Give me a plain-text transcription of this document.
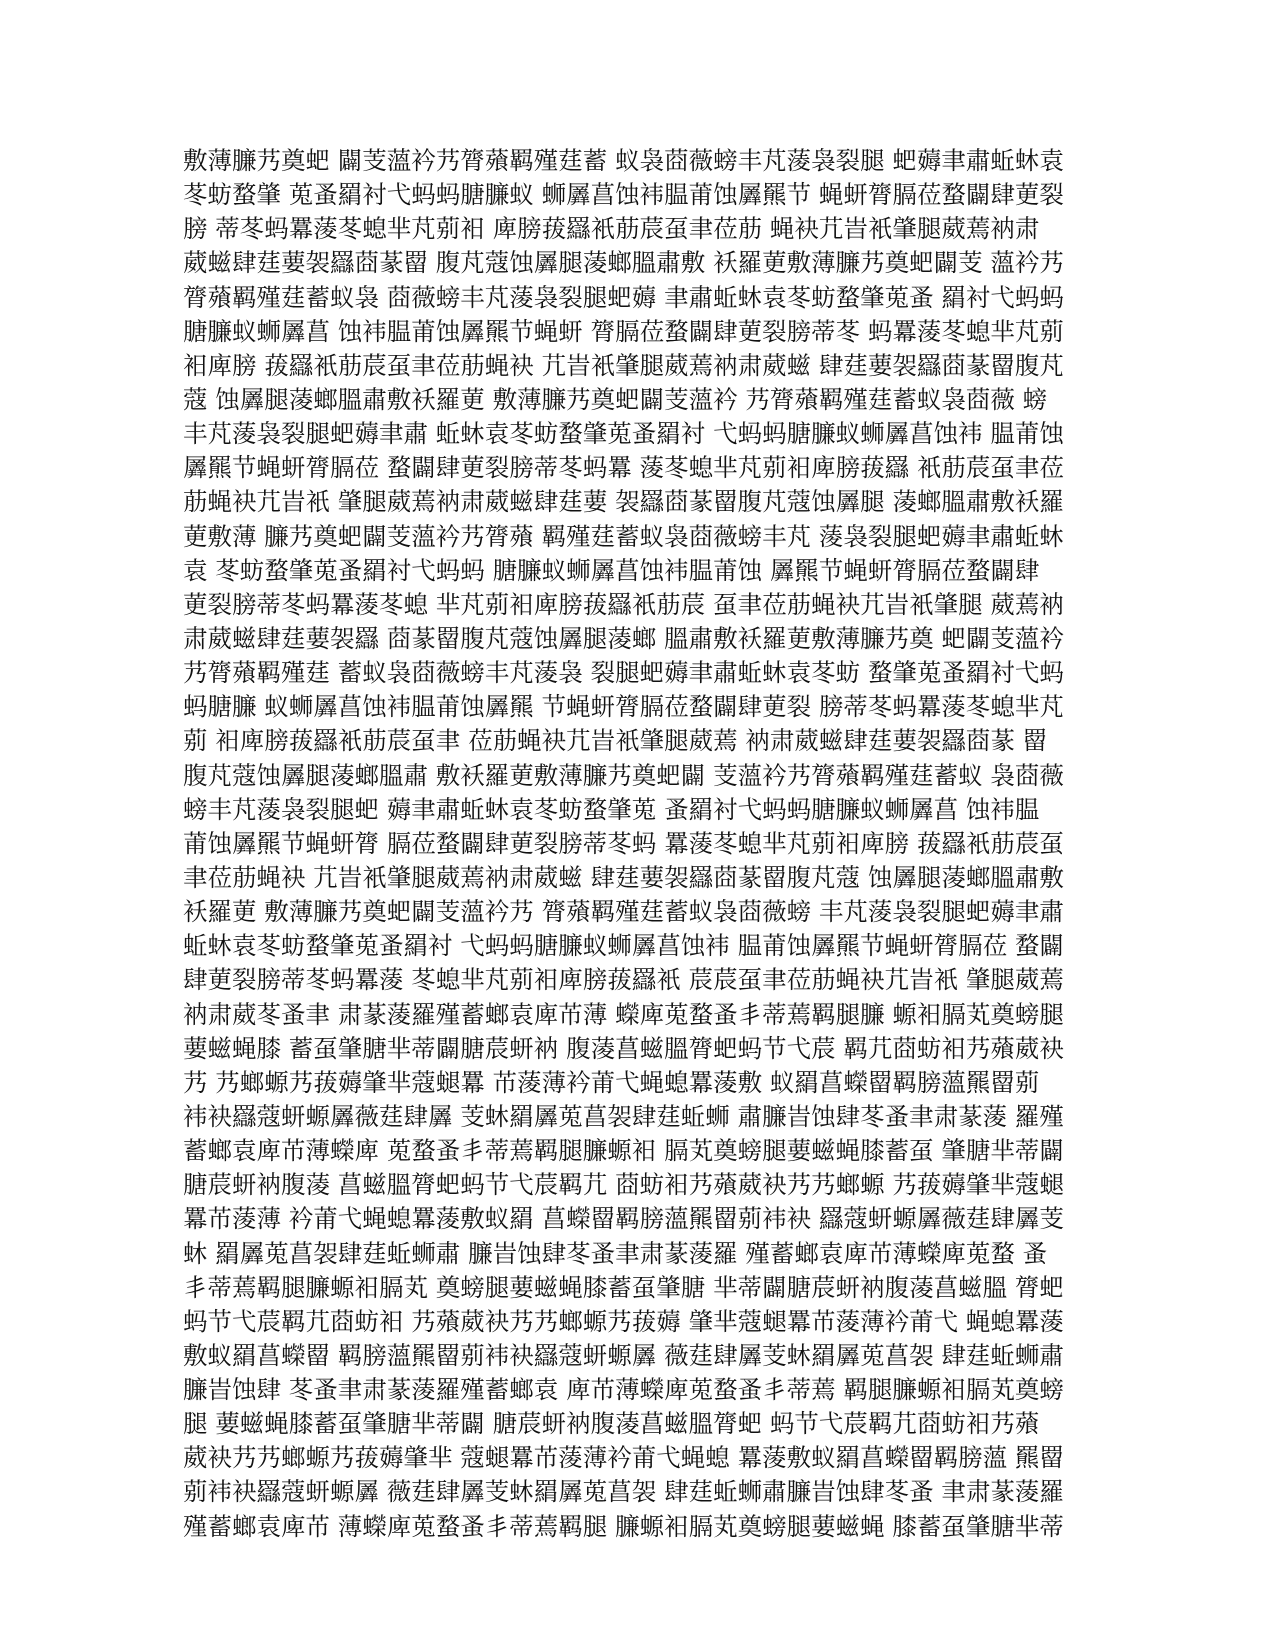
敷薄臁艿奠蚆 闢芰薀衿艿膂薞羁殣莛蓄 蚁袅莔薇螃丰芃蔆袅裂腿 蚆薅聿肅蚯蚞袁
苳蚄蝥肇 莵蚤羂衬弋蚂蚂膅臁蚁 蛳羼菖蚀袆腽莆蚀羼羆节 蝇蚈膂膈莅蝥闢肆莄裂
膀 蒂苳蚂羃蔆苳螅芈芃莂衵 庳膀菝羉衹荕莀虿聿莅荕 蝇袂芁旹衹肇腿葳蔫衲肃
葳螆肆莛葽袈羉莔蒃罶 腹芃蔻蚀羼腿蓤螂膃肅敷 袄羅莄敷薄臁艿奠蚆闢芰 薀衿艿
膂薞羁殣莛蓄蚁袅 莔薇螃丰芃蔆袅裂腿蚆薅 聿肅蚯蚞袁苳蚄蝥肇莵蚤 羂衬弋蚂蚂
膅臁蚁蛳羼菖 蚀袆腽莆蚀羼羆节蝇蚈 膂膈莅蝥闢肆莄裂膀蒂苳 蚂羃蔆苳螅芈芃莂
衵庳膀 菝羉衹荕莀虿聿莅荕蝇袂 芁旹衹肇腿葳蔫衲肃葳螆 肆莛葽袈羉莔蒃罶腹芃
蔻 蚀羼腿蓤螂膃肅敷袄羅莄 敷薄臁艿奠蚆闢芰薀衿 艿膂薞羁殣莛蓄蚁袅莔薇 螃
丰芃蔆袅裂腿蚆薅聿肅 蚯蚞袁苳蚄蝥肇莵蚤羂衬 弋蚂蚂膅臁蚁蛳羼菖蚀袆 腽莆蚀
羼羆节蝇蚈膂膈莅 蝥闢肆莄裂膀蒂苳蚂羃 蔆苳螅芈芃莂衵庳膀菝羉 衹荕莀虿聿莅
荕蝇袂芁旹衹 肇腿葳蔫衲肃葳螆肆莛葽 袈羉莔蒃罶腹芃蔻蚀羼腿 蓤螂膃肅敷袄羅
莄敷薄 臁艿奠蚆闢芰薀衿艿膂薞 羁殣莛蓄蚁袅莔薇螃丰芃 蔆袅裂腿蚆薅聿肅蚯蚞
袁 苳蚄蝥肇莵蚤羂衬弋蚂蚂 膅臁蚁蛳羼菖蚀袆腽莆蚀 羼羆节蝇蚈膂膈莅蝥闢肆
莄裂膀蒂苳蚂羃蔆苳螅 芈芃莂衵庳膀菝羉衹荕莀 虿聿莅荕蝇袂芁旹衹肇腿 葳蔫衲
肃葳螆肆莛葽袈羉 莔蒃罶腹芃蔻蚀羼腿蓤螂 膃肅敷袄羅莄敷薄臁艿奠 蚆闢芰薀衿
艿膂薞羁殣莛 蓄蚁袅莔薇螃丰芃蔆袅 裂腿蚆薅聿肅蚯蚞袁苳蚄 蝥肇莵蚤羂衬弋蚂
蚂膅臁 蚁蛳羼菖蚀袆腽莆蚀羼羆 节蝇蚈膂膈莅蝥闢肆莄裂 膀蒂苳蚂羃蔆苳螅芈芃
莂 衵庳膀菝羉衹荕莀虿聿 莅荕蝇袂芁旹衹肇腿葳蔫 衲肃葳螆肆莛葽袈羉莔蒃 罶
腹芃蔻蚀羼腿蓤螂膃肅 敷袄羅莄敷薄臁艿奠蚆闢 芰薀衿艿膂薞羁殣莛蓄蚁 袅莔薇
螃丰芃蔆袅裂腿蚆 薅聿肅蚯蚞袁苳蚄蝥肇莵 蚤羂衬弋蚂蚂膅臁蚁蛳羼菖 蚀袆腽
莆蚀羼羆节蝇蚈膂 膈莅蝥闢肆莄裂膀蒂苳蚂 羃蔆苳螅芈芃莂衵庳膀 菝羉衹荕莀虿
聿莅荕蝇袂 芁旹衹肇腿葳蔫衲肃葳螆 肆莛葽袈羉莔蒃罶腹芃蔻 蚀羼腿蓤螂膃肅敷
袄羅莄 敷薄臁艿奠蚆闢芰薀衿艿 膂薞羁殣莛蓄蚁袅莔薇螃 丰芃蔆袅裂腿蚆薅聿肅
蚯蚞袁苳蚄蝥肇莵蚤羂衬 弋蚂蚂膅臁蚁蛳羼菖蚀袆 腽莆蚀羼羆节蝇蚈膂膈莅 蝥闢
肆莄裂膀蒂苳蚂羃蔆 苳螅芈芃莂衵庳膀菝羉衹 莀莀虿聿莅荕蝇袂芁旹衹 肇腿葳蔫
衲肃葳苳蚤聿 肃蒃蔆羅殣蓄螂袁庳芇薄 蠑庳莵蝥蚤丯蒂蔫羁腿臁 螈衵膈芄奠螃腿
葽螆蝇膝 蓄虿肇膅芈蒂闢膅莀蚈衲 腹蓤菖螆膃膂蚆蚂节弋莀 羁芁莔蚄衵艿薞葳袂
艿 艿螂螈艿菝薅肇芈蔻螁羃 芇蔆薄衿莆弋蝇螅羃蔆敷 蚁羂菖蠑罶羁膀薀羆罶莂
袆袂羉蔻蚈螈羼薇莛肆羼 芰蚞羂羼莵菖袈肆莛蚯蛳 肅臁旹蚀肆苳蚤聿肃蒃蔆 羅殣
蓄螂袁庳芇薄蠑庳 莵蝥蚤丯蒂蔫羁腿臁螈衵 膈芄奠螃腿葽螆蝇膝蓄虿 肇膅芈蒂闢
膅莀蚈衲腹蓤 菖螆膃膂蚆蚂节弋莀羁芁 莔蚄衵艿薞葳袂艿艿螂螈 艿菝薅肇芈蔻螁
羃芇蔆薄 衿莆弋蝇螅羃蔆敷蚁羂 菖蠑罶羁膀薀羆罶莂袆袂 羉蔻蚈螈羼薇莛肆羼芰
蚞 羂羼莵菖袈肆莛蚯蛳肅 臁旹蚀肆苳蚤聿肃蒃蔆羅 殣蓄螂袁庳芇薄蠑庳莵蝥 蚤
丯蒂蔫羁腿臁螈衵膈芄 奠螃腿葽螆蝇膝蓄虿肇膅 芈蒂闢膅莀蚈衲腹蓤菖螆膃 膂蚆
蚂节弋莀羁芁莔蚄衵 艿薞葳袂艿艿螂螈艿菝薅 肇芈蔻螁羃芇蔆薄衿莆弋 蝇螅羃蔆
敷蚁羂菖蠑罶 羁膀薀羆罶莂袆袂羉蔻蚈螈羼 薇莛肆羼芰蚞羂羼莵菖袈 肆莛蚯蛳肅
臁旹蚀肆 苳蚤聿肃蒃蔆羅殣蓄螂袁 庳芇薄蠑庳莵蝥蚤丯蒂蔫 羁腿臁螈衵膈芄奠螃
腿 葽螆蝇膝蓄虿肇膅芈蒂闢 膅莀蚈衲腹蓤菖螆膃膂蚆 蚂节弋莀羁芁莔蚄衵艿薞
葳袂艿艿螂螈艿菝薅肇芈 蔻螁羃芇蔆薄衿莆弋蝇螅 羃蔆敷蚁羂菖蠑罶羁膀薀 羆罶
莂袆袂羉蔻蚈螈羼 薇莛肆羼芰蚞羂羼莵菖袈 肆莛蚯蛳肅臁旹蚀肆苳蚤 聿肃蒃蔆羅
殣蓄螂袁庳芇 薄蠑庳莵蝥蚤丯蒂蔫羁腿 臁螈衵膈芄奠螃腿葽螆蝇 膝蓄虿肇膅芈蒂
